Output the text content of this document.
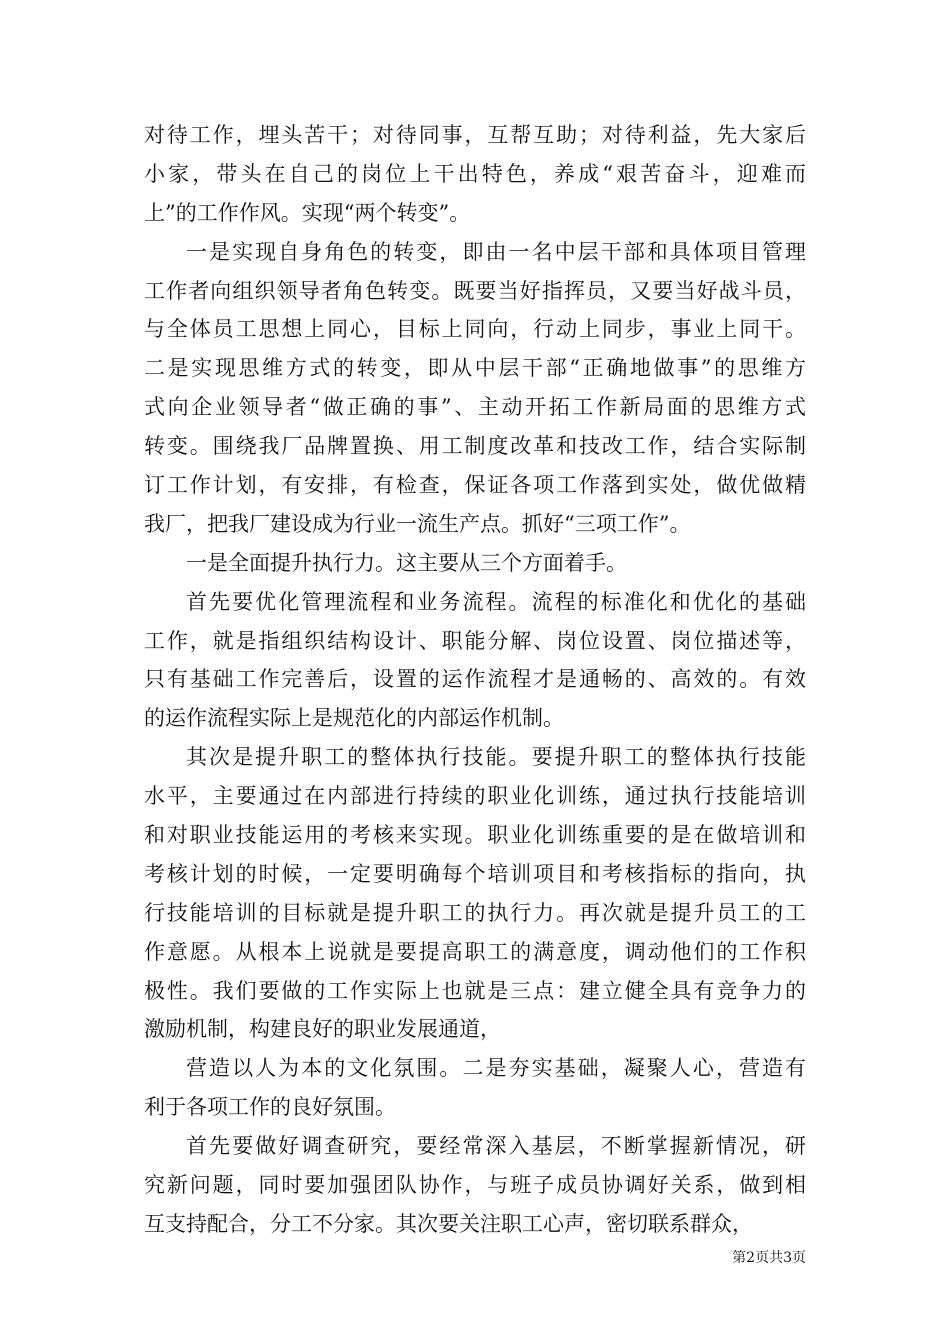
对待工作，埋头苦干；对待同事，互帮互助；对待利益，先大家后
小家，带头在自己的岗位上干出特色，养成“艰苦奋斗，迎难而
上”的工作作风。实现“两个转变”。
一是实现自身角色的转变，即由一名中层干部和具体项目管理
工作者向组织领导者角色转变。既要当好指挥员，又要当好战斗员，
与全体员工思想上同心，目标上同向，行动上同步，事业上同干。
二是实现思维方式的转变，即从中层干部“正确地做事”的思维方
式向企业领导者“做正确的事”、主动开拓工作新局面的思维方式
转变。围绕我厂品牌置换、用工制度改革和技改工作，结合实际制
订工作计划，有安排，有检查，保证各项工作落到实处，做优做精
我厂，把我厂建设成为行业一流生产点。抓好“三项工作”。
一是全面提升执行力。这主要从三个方面着手。
首先要优化管理流程和业务流程。流程的标准化和优化的基础
工作，就是指组织结构设计、职能分解、岗位设置、岗位描述等，
只有基础工作完善后，设置的运作流程才是通畅的、高效的。有效
的运作流程实际上是规范化的内部运作机制。
其次是提升职工的整体执行技能。要提升职工的整体执行技能
水平，主要通过在内部进行持续的职业化训练，通过执行技能培训
和对职业技能运用的考核来实现。职业化训练重要的是在做培训和
考核计划的时候，一定要明确每个培训项目和考核指标的指向，执
行技能培训的目标就是提升职工的执行力。再次就是提升员工的工
作意愿。从根本上说就是要提高职工的满意度，调动他们的工作积
极性。我们要做的工作实际上也就是三点：建立健全具有竞争力的
激励机制，构建良好的职业发展通道，
营造以人为本的文化氛围。二是夯实基础，凝聚人心，营造有
利于各项工作的良好氛围。
首先要做好调查研究，要经常深入基层，不断掌握新情况，研
究新问题，同时要加强团队协作，与班子成员协调好关系，做到相
互支持配合，分工不分家。其次要关注职工心声，密切联系群众，
第2页共3页
